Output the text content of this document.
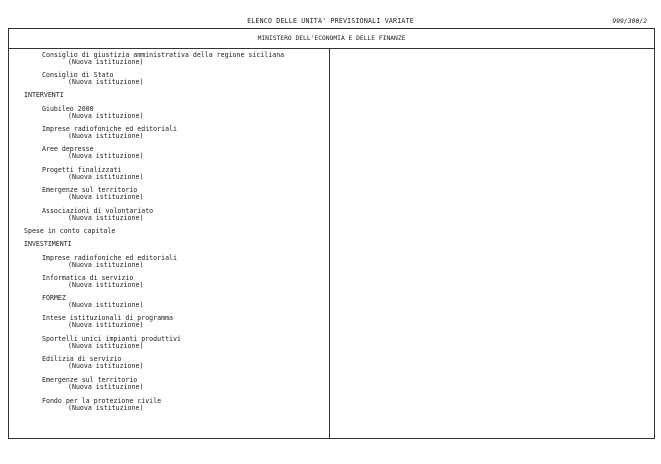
ELENCO DELLE UNITA' PREVISIONALI VARIATE	999/300/2
MINISTERO DELL'ECONOMIA E DELLE FINANZE
Consiglio di giustizia amministrativa della regione siciliana
(Nuova istituzione)
Consiglio di Stato
(Nuova istituzione)
INTERVENTI
Giubileo 2000
(Nuova istituzione)
Imprese radiofoniche ed editoriali
(Nuova istituzione)
Aree depresse
(Nuova istituzione)
Progetti finalizzati
(Nuova istituzione)
Emergenze sul territorio
(Nuova istituzione)
Associazioni di volontariato
(Nuova istituzione)
Spese in conto capitale
INVESTIMENTI
Imprese radiofoniche ed editoriali
(Nuova istituzione)
Informatica di servizio
(Nuova istituzione)
FORMEZ
(Nuova istituzione)
Intese istituzionali di programma
(Nuova istituzione)
Sportelli unici impianti produttivi
(Nuova istituzione)
Edilizia di servizio
(Nuova istituzione)
Emergenze sul territorio
(Nuova istituzione)
Fondo per la protezione civile
(Nuova istituzione)
